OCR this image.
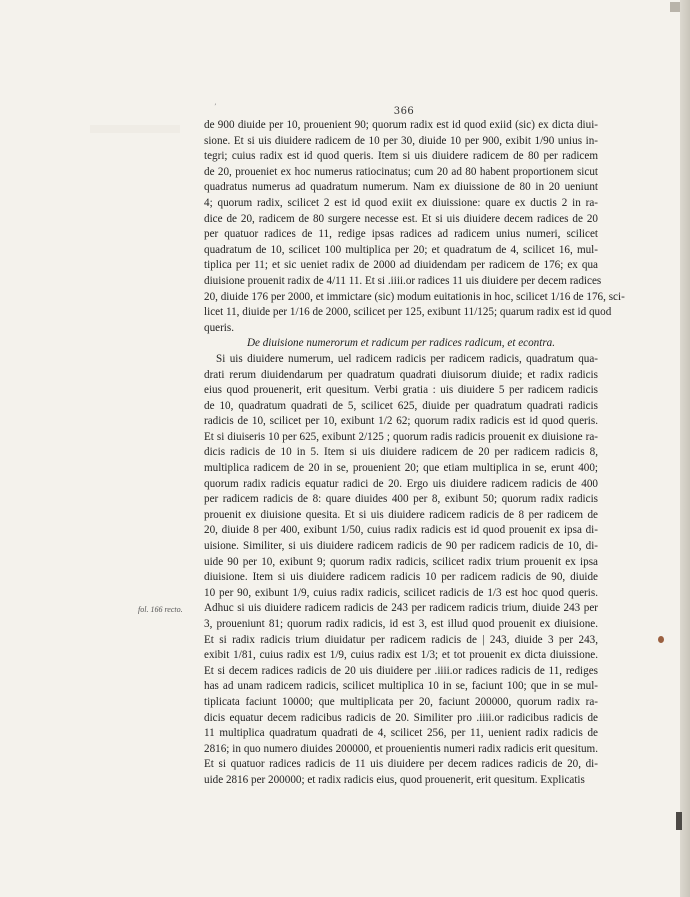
ʼ	366
de 900 diuide per 10, prouenient 90; quorum radix est id quod exiid (sic) ex dicta diui-
sione. Et si uis diuidere radicem de 10 per 30, diuide 10 per 900, exibit 1/90 unius in-
tegri; cuius radix est id quod queris. Item si uis diuidere radicem de 80 per radicem
de 20, proueniet ex hoc numerus ratiocinatus; cum 20 ad 80 habent proportionem sicut
quadratus numerus ad quadratum numerum. Nam ex diuissione de 80 in 20 ueniunt
4; quorum radix, scilicet 2 est id quod exiit ex diuissione: quare ex ductis 2 in ra-
dice de 20, radicem de 80 surgere necesse est. Et si uis diuidere decem radices de 20
per quatuor radices de 11, redige ipsas radices ad radicem unius numeri, scilicet
quadratum de 10, scilicet 100 multiplica per 20; et quadratum de 4, scilicet 16, mul-
tiplica per 11; et sic ueniet radix de 2000 ad diuidendam per radicem de 176; ex qua
diuisione prouenit radix de 4/11 11. Et si .iiii.or radices 11 uis diuidere per decem radices
20, diuide 176 per 2000, et immictare (sic) modum euitationis in hoc, scilicet 1/16 de 176, sci-
licet 11, diuide per 1/16 de 2000, scilicet per 125, exibunt 11/125; quarum radix est id quod
queris.
De diuisione numerorum et radicum per radices radicum, et econtra.
Si uis diuidere numerum, uel radicem radicis per radicem radicis, quadratum qua-
drati rerum diuidendarum per quadratum quadrati diuisorum diuide; et radix radicis
eius quod prouenerit, erit quesitum. Verbi gratia : uis diuidere 5 per radicem radicis
de 10, quadratum quadrati de 5, scilicet 625, diuide per quadratum quadrati radicis
radicis de 10, scilicet per 10, exibunt 1/2 62; quorum radix radicis est id quod queris.
Et si diuiseris 10 per 625, exibunt 2/125 ; quorum radis radicis prouenit ex diuisione ra-
dicis radicis de 10 in 5. Item si uis diuidere radicem de 20 per radicem radicis 8,
multiplica radicem de 20 in se, prouenient 20; que etiam multiplica in se, erunt 400;
quorum radix radicis equatur radici de 20. Ergo uis diuidere radicem radicis de 400
per radicem radicis de 8: quare diuides 400 per 8, exibunt 50; quorum radix radicis
prouenit ex diuisione quesita. Et si uis diuidere radicem radicis de 8 per radicem de
20, diuide 8 per 400, exibunt 1/50, cuius radix radicis est id quod prouenit ex ipsa di-
uisione. Similiter, si uis diuidere radicem radicis de 90 per radicem radicis de 10, di-
uide 90 per 10, exibunt 9; quorum radix radicis, scilicet radix trium prouenit ex ipsa
diuisione. Item si uis diuidere radicem radicis 10 per radicem radicis de 90, diuide
10 per 90, exibunt 1/9, cuius radix radicis, scilicet radicis de 1/3 est hoc quod queris.
Adhuc si uis diuidere radicem radicis de 243 per radicem radicis trium, diuide 243 per
3, proueniunt 81; quorum radix radicis, id est 3, est illud quod prouenit ex diuisione.
Et si radix radicis trium diuidatur per radicem radicis de | 243, diuide 3 per 243,
exibit 1/81, cuius radix est 1/9, cuius radix est 1/3; et tot prouenit ex dicta diuissione.
Et si decem radices radicis de 20 uis diuidere per .iiii.or radices radicis de 11, rediges
has ad unam radicem radicis, scilicet multiplica 10 in se, faciunt 100; que in se mul-
tiplicata faciunt 10000; que multiplicata per 20, faciunt 200000, quorum radix ra-
dicis equatur decem radicibus radicis de 20. Similiter pro .iiii.or radicibus radicis de
11 multiplica quadratum quadrati de 4, scilicet 256, per 11, uenient radix radicis de
2816; in quo numero diuides 200000, et prouenientis numeri radix radicis erit quesitum.
Et si quatuor radices radicis de 11 uis diuidere per decem radices radicis de 20, di-
uide 2816 per 200000; et radix radicis eius, quod prouenerit, erit quesitum. Explicatis
fol. 166 recto.
